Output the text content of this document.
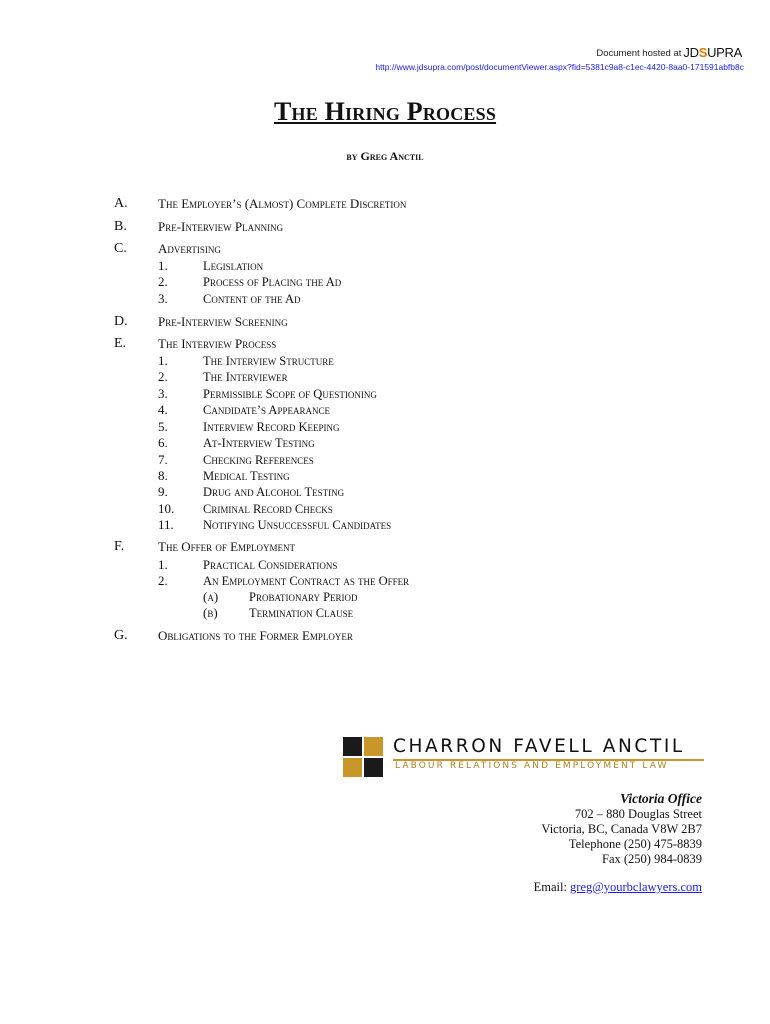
Document hosted at JDSUPRA
http://www.jdsupra.com/post/documentViewer.aspx?fid=5381c9a8-c1ec-4420-8aa0-171591abfb8c
The Hiring Process
by Greg Anctil
A. The Employer’s (Almost) Complete Discretion
B. Pre-Interview Planning
C. Advertising
1.	Legislation
2.	Process of Placing the Ad
3.	Content of the Ad
D. Pre-Interview Screening
E. The Interview Process
1.	The Interview Structure
2.	The Interviewer
3.	Permissible Scope of Questioning
4.	Candidate’s Appearance
5.	Interview Record Keeping
6.	At-Interview Testing
7.	Checking References
8.	Medical Testing
9.	Drug and Alcohol Testing
10. Criminal Record Checks
11. Notifying Unsuccessful Candidates
F.	The Offer of Employment
1.	Practical Considerations
2.	An Employment Contract as the Offer
(a) Probationary Period
(b)	Termination Clause
G. Obligations to the Former Employer
CHARRON FAVELL ANCTIL
LABOUR RELATIONS AND EMPLOYMENT LAW
Victoria Office
702 – 880 Douglas Street
Victoria, BC, Canada V8W 2B7
Telephone (250) 475-8839
Fax (250) 984-0839
Email: greg@yourbclawyers.com
